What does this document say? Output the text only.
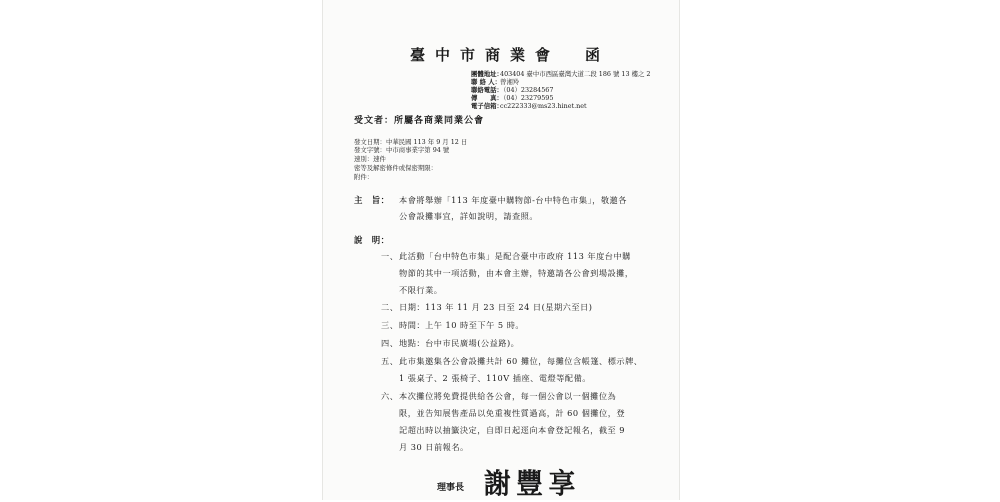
臺中市商業會　函
團體地址：403404 臺中市西區臺灣大道二段 186 號 13 樓之 2
聯 絡 人：曾湘羚
聯絡電話：（04）23284567
傳　　真：（04）23279595
電子信箱：cc222333@ms23.hinet.net
受文者：所屬各商業同業公會
發文日期：中華民國 113 年 9 月 12 日
發文字號：中市商事業字第 94 號
速別：速件
密等及解密條件或保密期限：
附件：
主　旨： 本會將舉辦「113 年度臺中購物節-台中特色市集」，敬邀各
公會設攤事宜，詳如說明，請查照。
說　明：
一、 此活動「台中特色市集」是配合臺中市政府 113 年度台中購
物節的其中一項活動，由本會主辦，特邀請各公會到場設攤，
不限行業。
二、 日期：113 年 11 月 23 日至 24 日(星期六至日)
三、 時間：上午 10 時至下午 5 時。
四、 地點：台中市民廣場(公益路)。
五、 此市集邀集各公會設攤共計 60 攤位，每攤位含帳篷、標示牌、
1 張桌子、2 張椅子、110V 插座、電燈等配備。
六、 本次攤位將免費提供給各公會，每一個公會以一個攤位為
限，並告知展售產品以免重複性質過高，計 60 個攤位，登
記超出時以抽籤決定，自即日起逕向本會登記報名，截至 9
月 30 日前報名。
理事長 謝豐享
